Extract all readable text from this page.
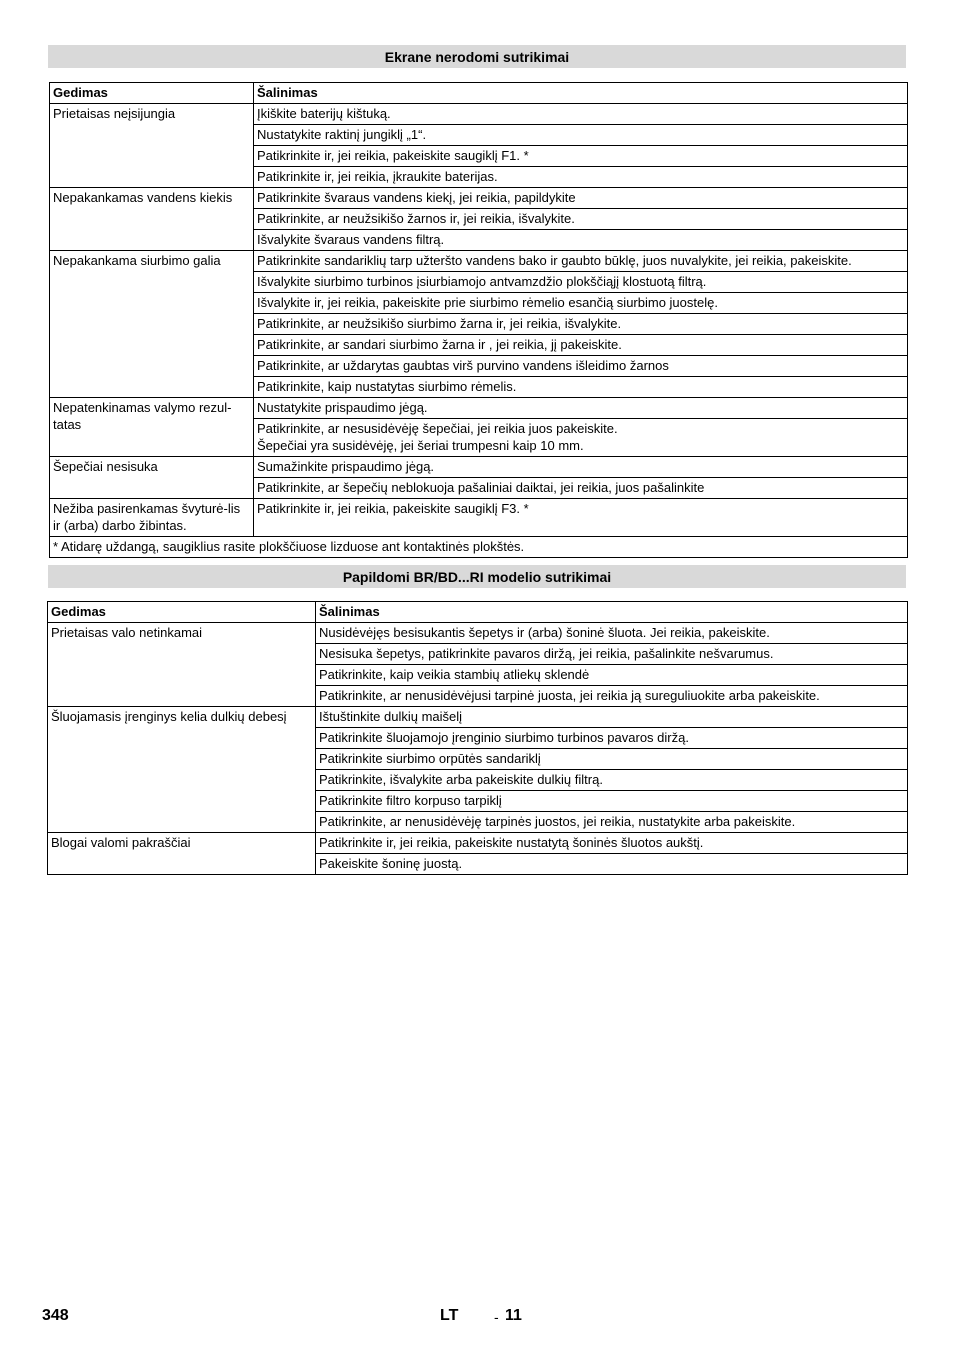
Ekrane nerodomi sutrikimai
Gedimas	Šalinimas
Prietaisas neįsijungia	Įkiškite baterijų kištuką.
	Nustatykite raktinį jungiklį „1“.
	Patikrinkite ir, jei reikia, pakeiskite saugiklį F1. *
	Patikrinkite ir, jei reikia, įkraukite baterijas.
Nepakankamas vandens kiekis	Patikrinkite švaraus vandens kiekį, jei reikia, papildykite
	Patikrinkite, ar neužsikišo žarnos ir, jei reikia, išvalykite.
	Išvalykite švaraus vandens filtrą.
Nepakankama siurbimo galia	Patikrinkite sandariklių tarp užteršto vandens bako ir gaubto būklę, juos nuvalykite, jei reikia, pakeiskite.
	Išvalykite siurbimo turbinos įsiurbiamojo antvamzdžio plokščiąjį klostuotą filtrą.
	Išvalykite ir, jei reikia, pakeiskite prie siurbimo rėmelio esančią siurbimo juostelę.
	Patikrinkite, ar neužsikišo siurbimo žarna ir, jei reikia, išvalykite.
	Patikrinkite, ar sandari siurbimo žarna ir , jei reikia, jį pakeiskite.
	Patikrinkite, ar uždarytas gaubtas virš purvino vandens išleidimo žarnos
	Patikrinkite, kaip nustatytas siurbimo rėmelis.
Nepatenkinamas valymo rezul-tatas	Nustatykite prispaudimo jėgą.
	Patikrinkite, ar nesusidėvėję šepečiai, jei reikia juos pakeiskite.
Šepečiai yra susidėvėję, jei šeriai trumpesni kaip 10 mm.
Šepečiai nesisuka	Sumažinkite prispaudimo jėgą.
	Patikrinkite, ar šepečių neblokuoja pašaliniai daiktai, jei reikia, juos pašalinkite
Nežiba pasirenkamas švyturė-lis ir (arba) darbo žibintas.	Patikrinkite ir, jei reikia, pakeiskite saugiklį F3. *
* Atidarę uždangą, saugiklius rasite plokščiuose lizduose ant kontaktinės plokštės.	
Papildomi BR/BD...RI modelio sutrikimai
Gedimas	Šalinimas
Prietaisas valo netinkamai	Nusidėvėjęs besisukantis šepetys ir (arba) šoninė šluota. Jei reikia, pakeiskite.
	Nesisuka šepetys, patikrinkite pavaros diržą, jei reikia, pašalinkite nešvarumus.
	Patikrinkite, kaip veikia stambių atliekų sklendė
	Patikrinkite, ar nenusidėvėjusi tarpinė juosta, jei reikia ją sureguliuokite arba pakeiskite.
Šluojamasis įrenginys kelia dulkių debesį	Ištuštinkite dulkių maišelį
	Patikrinkite šluojamojo įrenginio siurbimo turbinos pavaros diržą.
	Patikrinkite siurbimo orpūtės sandariklį
	Patikrinkite, išvalykite arba pakeiskite dulkių filtrą.
	Patikrinkite filtro korpuso tarpiklį
	Patikrinkite, ar nenusidėvėję tarpinės juostos, jei reikia, nustatykite arba pakeiskite.
Blogai valomi pakraščiai	Patikrinkite ir, jei reikia, pakeiskite nustatytą šoninės šluotos aukštį.
	Pakeiskite šoninę juostą.
348	LT	- 11
